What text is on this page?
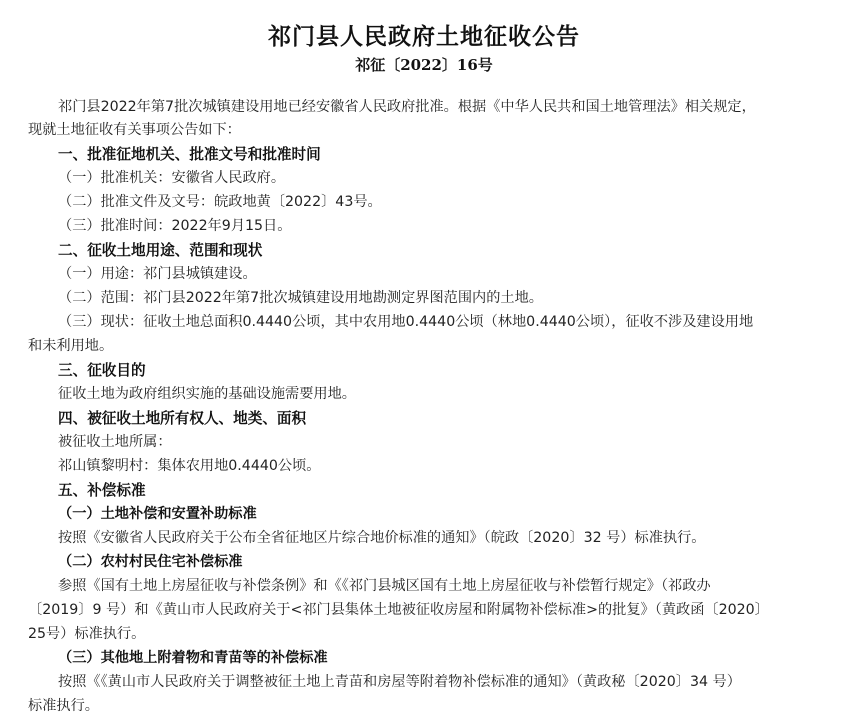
祁门县人民政府土地征收公告
祁征〔2022〕16号
祁门县2022年第7批次城镇建设用地已经安徽省人民政府批准。根据《中华人民共和国土地管理法》相关规定，
现就土地征收有关事项公告如下：
一、批准征地机关、批准文号和批准时间
（一）批准机关：安徽省人民政府。
（二）批准文件及文号：皖政地黄〔2022〕43号。
（三）批准时间：2022年9月15日。
二、征收土地用途、范围和现状
（一）用途：祁门县城镇建设。
（二）范围：祁门县2022年第7批次城镇建设用地勘测定界图范围内的土地。
（三）现状：征收土地总面积0.4440公顷，其中农用地0.4440公顷（林地0.4440公顷），征收不涉及建设用地
和未利用地。
三、征收目的
征收土地为政府组织实施的基础设施需要用地。
四、被征收土地所有权人、地类、面积
被征收土地所属：
祁山镇黎明村：集体农用地0.4440公顷。
五、补偿标准
（一）土地补偿和安置补助标准
按照《安徽省人民政府关于公布全省征地区片综合地价标准的通知》（皖政〔2020〕32 号）标准执行。
（二）农村村民住宅补偿标准
参照《国有土地上房屋征收与补偿条例》和《《祁门县城区国有土地上房屋征收与补偿暂行规定》（祁政办
〔2019〕9 号）和《黄山市人民政府关于<祁门县集体土地被征收房屋和附属物补偿标准>的批复》（黄政函〔2020〕
25号）标准执行。
（三）其他地上附着物和青苗等的补偿标准
按照《《黄山市人民政府关于调整被征土地上青苗和房屋等附着物补偿标准的通知》（黄政秘〔2020〕34 号）
标准执行。
